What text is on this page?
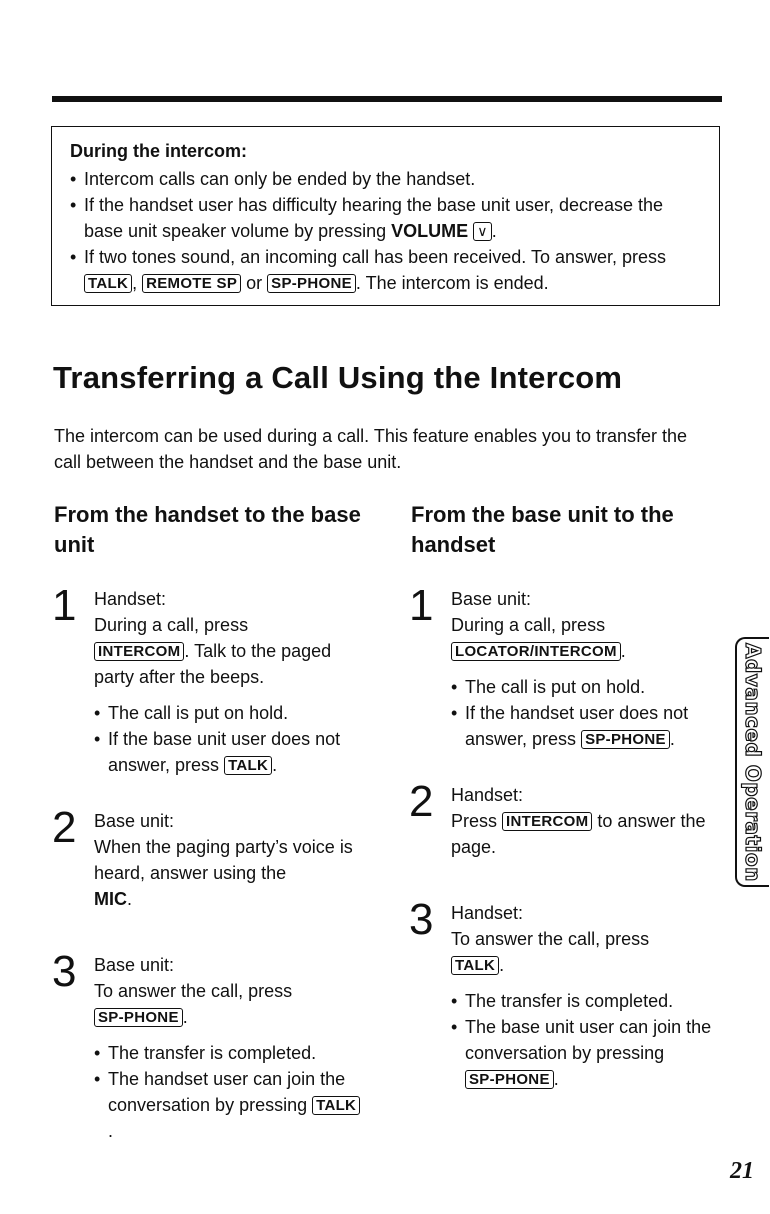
During the intercom:
• Intercom calls can only be ended by the handset.
• If the handset user has difficulty hearing the base unit user, decrease the base unit speaker volume by pressing VOLUME ∨ .
• If two tones sound, an incoming call has been received. To answer, press TALK , REMOTE SP or SP-PHONE . The intercom is ended.
Transferring a Call Using the Intercom
The intercom can be used during a call. This feature enables you to transfer the call between the handset and the base unit.
From the handset to the base unit
1 Handset:
During a call, press
INTERCOM . Talk to the paged party after the beeps.
• The call is put on hold.
• If the base unit user does not answer, press TALK .
2 Base unit:
When the paging party’s voice is heard, answer using the
MIC.
3 Base unit:
To answer the call, press
SP-PHONE .
• The transfer is completed.
• The handset user can join the conversation by pressing TALK.
From the base unit to the handset
1 Base unit:
During a call, press
LOCATOR/INTERCOM .
• The call is put on hold.
• If the handset user does not answer, press SP-PHONE .
2 Handset:
Press INTERCOM to answer the page.
3 Handset:
To answer the call, press
TALK .
• The transfer is completed.
• The base unit user can join the conversation by pressing SP-PHONE .
Advanced Operation
21
